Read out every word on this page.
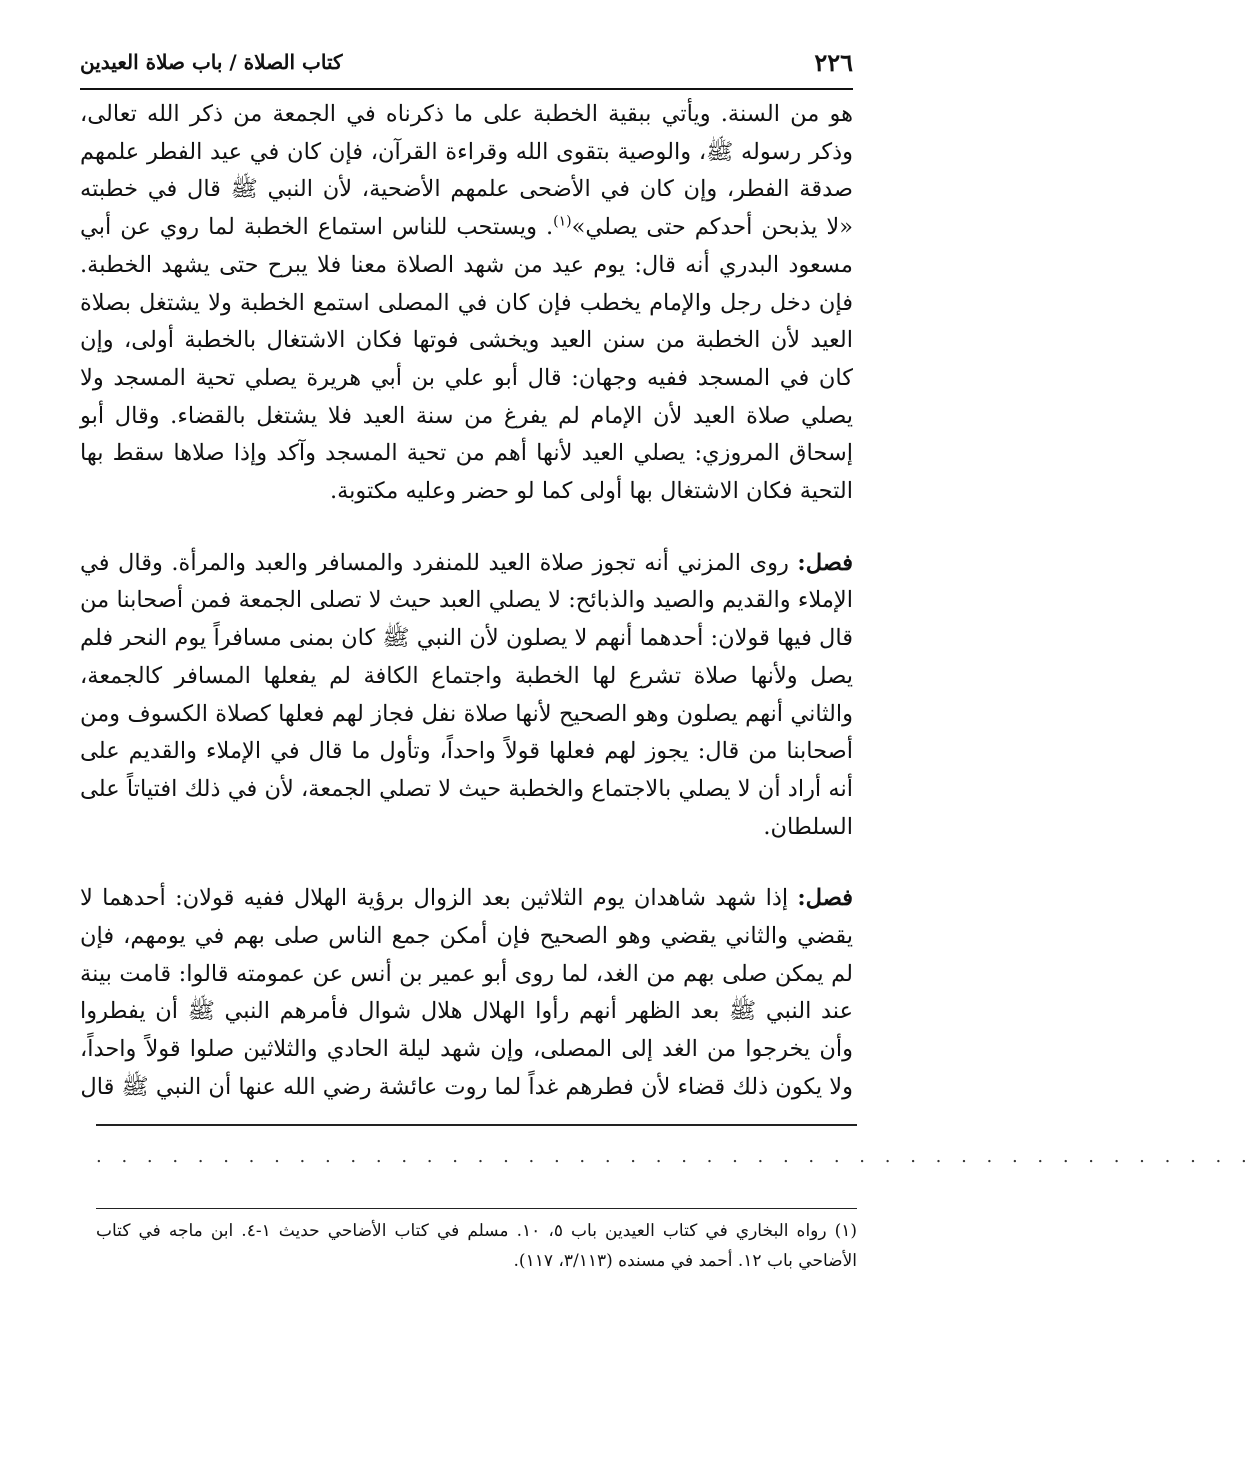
٢٢٦
كتاب الصلاة / باب صلاة العيدين

هو من السنة. ويأتي ببقية الخطبة على ما ذكرناه في الجمعة من ذكر الله تعالى، وذكر رسوله ﷺ، والوصية بتقوى الله وقراءة القرآن، فإن كان في عيد الفطر علمهم صدقة الفطر، وإن كان في الأضحى علمهم الأضحية، لأن النبي ﷺ قال في خطبته «لا يذبحن أحدكم حتى يصلي»$^{(١)}$. ويستحب للناس استماع الخطبة لما روي عن أبي مسعود البدري أنه قال: يوم عيد من شهد الصلاة معنا فلا يبرح حتى يشهد الخطبة. فإن دخل رجل والإمام يخطب فإن كان في المصلى استمع الخطبة ولا يشتغل بصلاة العيد لأن الخطبة من سنن العيد ويخشى فوتها فكان الاشتغال بالخطبة أولى، وإن كان في المسجد ففيه وجهان: قال أبو علي بن أبي هريرة يصلي تحية المسجد ولا يصلي صلاة العيد لأن الإمام لم يفرغ من سنة العيد فلا يشتغل بالقضاء. وقال أبو إسحاق المروزي: يصلي العيد لأنها أهم من تحية المسجد وآكد وإذا صلاها سقط بها التحية فكان الاشتغال بها أولى كما لو حضر وعليه مكتوبة.

فصل: روى المزني أنه تجوز صلاة العيد للمنفرد والمسافر والعبد والمرأة. وقال في الإملاء والقديم والصيد والذبائح: لا يصلي العبد حيث لا تصلى الجمعة فمن أصحابنا من قال فيها قولان: أحدهما أنهم لا يصلون لأن النبي ﷺ كان بمنى مسافراً يوم النحر فلم يصل ولأنها صلاة تشرع لها الخطبة واجتماع الكافة لم يفعلها المسافر كالجمعة، والثاني أنهم يصلون وهو الصحيح لأنها صلاة نفل فجاز لهم فعلها كصلاة الكسوف ومن أصحابنا من قال: يجوز لهم فعلها قولاً واحداً، وتأول ما قال في الإملاء والقديم على أنه أراد أن لا يصلي بالاجتماع والخطبة حيث لا تصلي الجمعة، لأن في ذلك افتياتاً على السلطان.

فصل: إذا شهد شاهدان يوم الثلاثين بعد الزوال برؤية الهلال ففيه قولان: أحدهما لا يقضي والثاني يقضي وهو الصحيح فإن أمكن جمع الناس صلى بهم في يومهم، فإن لم يمكن صلى بهم من الغد، لما روى أبو عمير بن أنس عن عمومته قالوا: قامت بينة عند النبي ﷺ بعد الظهر أنهم رأوا الهلال هلال شوال فأمرهم النبي ﷺ أن يفطروا وأن يخرجوا من الغد إلى المصلى، وإن شهد ليلة الحادي والثلاثين صلوا قولاً واحداً، ولا يكون ذلك قضاء لأن فطرهم غداً لما روت عائشة رضي الله عنها أن النبي ﷺ قال

. . . . . . . . . . . . . . . . . . . . . . . . . . . . . . . . . . . . . . . . . . . . . .
(١)رواه البخاري في كتاب العيدين باب ٥، ١٠. مسلم في كتاب الأضاحي حديث ١-٤. ابن ماجه في كتاب الأضاحي باب ١٢. أحمد في مسنده (٣/١١٣، ١١٧).
